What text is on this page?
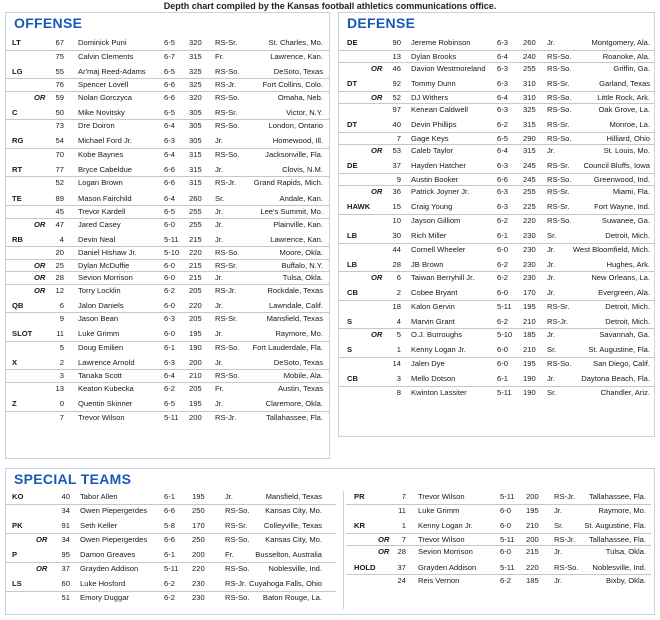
Depth chart compiled by the Kansas football athletics communications office.
OFFENSE
LT	67 Dominick Puni	6-5 320 RS-Sr.	St. Charles, Mo.
75 Calvin Clements	6-7 315 Fr.	Lawrence, Kan.
LG	55 Ar'maj Reed-Adams 6-5 325 RS-So.	DeSoto, Texas
76 Spencer Lovell	6-6 325 RS-Jr.	Fort Collins, Colo.
OR 59 Nolan Gorczyca	6-6 320 RS-So.	Omaha, Neb.
C	50 Mike Novitsky	6-5 305 RS-Sr.	Victor, N.Y.
73 Dre Doiron	6-4 305 RS-So.	London, Ontario
RG	54 Michael Ford Jr.	6-3 305 Jr.	Homewood, Ill.
70 Kobe Baynes	6-4 315 RS-So.	Jacksonville, Fla.
RT	77 Bryce Cabeldue	6-6 315 Jr.	Clovis, N.M.
52 Logan Brown	6-6 315 RS-Jr. Grand Rapids, Mich.
TE	89 Mason Fairchild	6-4 260 Sr.	Andale, Kan.
45 Trevor Kardell	6-5 255 Jr.	Lee's Summit, Mo.
OR 47 Jared Casey	6-0 255 Jr.	Plainville, Kan.
RB	4 Devin Neal	5-11 215 Jr.	Lawrence, Kan.
20 Daniel Hishaw Jr.	5-10 220 RS-So.	Moore, Okla.
OR 25 Dylan McDuffie	6-0 215 RS-Sr.	Buffalo, N.Y.
OR 28 Sevion Morrison	6-0 215 Jr.	Tulsa, Okla.
OR 12 Torry Locklin	6-2 205 RS-Jr.	Rockdale, Texas
QB	6 Jalon Daniels	6-0 220 Jr.	Lawndale, Calif.
9 Jason Bean	6-3 205 RS-Sr.	Mansfield, Texas
SLOT	11 Luke Grimm	6-0 195 Jr.	Raymore, Mo.
5 Doug Emilien	6-1 190 RS-So. Fort Lauderdale, Fla.
X	2 Lawrence Arnold	6-3 200 Jr.	DeSoto, Texas
3 Tanaka Scott	6-4 210 RS-So.	Mobile, Ala.
13 Keaton Kubecka	6-2 205 Fr.	Austin, Texas
Z	0 Quentin Skinner	6-5 195 Jr.	Claremore, Okla.
7 Trevor Wilson	5-11 200 RS-Jr.	Tallahassee, Fla.
DEFENSE
DE	90 Jereme Robinson	6-3 260 Jr.	Montgomery, Ala.
13 Dylan Brooks	6-4 240 RS-So.	Roanoke, Ala.
OR 46 Davion Westmoreland 6-3 255 RS-So.	Griffin, Ga.
DT	92 Tommy Dunn	6-3 310 RS-Sr.	Garland, Texas
OR 52 DJ Withers	6-4 310 RS-So.	Little Rock, Ark.
97 Kenean Caldwell	6-3 325 RS-So.	Oak Grove, La.
DT	40 Devin Phillips	6-2 315 RS-Sr.	Monroe, La.
7 Gage Keys	6-5 290 RS-So.	Hilliard, Ohio
OR 53 Caleb Taylor	6-4 315 Jr.	St. Louis, Mo.
DE	37 Hayden Hatcher	6-3 245 RS-Sr. Council Bluffs, Iowa
9 Austin Booker	6-6 245 RS-So.	Greenwood, Ind.
OR 36 Patrick Joyner Jr.	6-3 255 RS-Sr.	Miami, Fla.
HAWK	15 Craig Young	6-3 225 RS-Sr.	Fort Wayne, Ind.
10 Jayson Gilliom	6-2 220 RS-So.	Suwanee, Ga.
LB	30 Rich Miller	6-1 230 Sr.	Detroit, Mich.
44 Cornell Wheeler	6-0 230 Jr. West Bloomfield, Mich.
LB	28 JB Brown	6-2 230 Jr.	Hughes, Ark.
OR 6 Taiwan Berryhill Jr.	6-2 230 Jr.	New Orleans, La.
CB	2 Cobee Bryant	6-0 170 Jr.	Evergreen, Ala.
18 Kalon Gervin	5-11 195 RS-Sr.	Detroit, Mich.
S	4 Marvin Grant	6-2 210 RS-Jr.	Detroit, Mich.
OR 5 O.J. Burroughs	5-10 185 Jr.	Savannah, Ga.
S	1 Kenny Logan Jr.	6-0 210 Sr.	St. Augustine, Fla.
14 Jalen Dye	6-0 195 RS-So.	San Diego, Calif.
CB	3 Mello Dotson	6-1 190 Jr.	Daytona Beach, Fla.
8 Kwinton Lassiter	5-11 190 Sr.	Chandler, Ariz.
SPECIAL TEAMS
KO	40 Tabor Allen	6-1 195	Jr.	Mansfield, Texas
34 Owen Piepergerdes 6-6 250	RS-So. Kansas City, Mo.
PK	91 Seth Keller	5-8 170	RS-Sr. Colleyville, Texas
OR 34 Owen Piepergerdes 6-6 250	RS-So. Kansas City, Mo.
P	95 Damon Greaves	6-1 200	Fr.	Busselton, Australia
OR 37 Grayden Addison	5-11 220	RS-So. Noblesville, Ind.
LS	60 Luke Hosford	6-2 230	RS-Jr. Cuyahoga Falls, Ohio
51 Emory Duggar	6-2 230	RS-So. Baton Rouge, La.
PR	7 Trevor Wilson	5-11 200 RS-Jr. Tallahassee, Fla.
11 Luke Grimm	6-0 195 Jr.	Raymore, Mo.
KR	1 Kenny Logan Jr.	6-0 210 Sr.	St. Augustine, Fla.
OR 7 Trevor Wilson	5-11 200 RS-Jr. Tallahassee, Fla.
OR 28 Sevion Morrison	6-0 215 Jr.	Tulsa, Okla.
HOLD	37 Grayden Addison	5-11 220 RS-So. Noblesville, Ind.
24 Reis Vernon	6-2 185 Jr.	Bixby, Okla.
